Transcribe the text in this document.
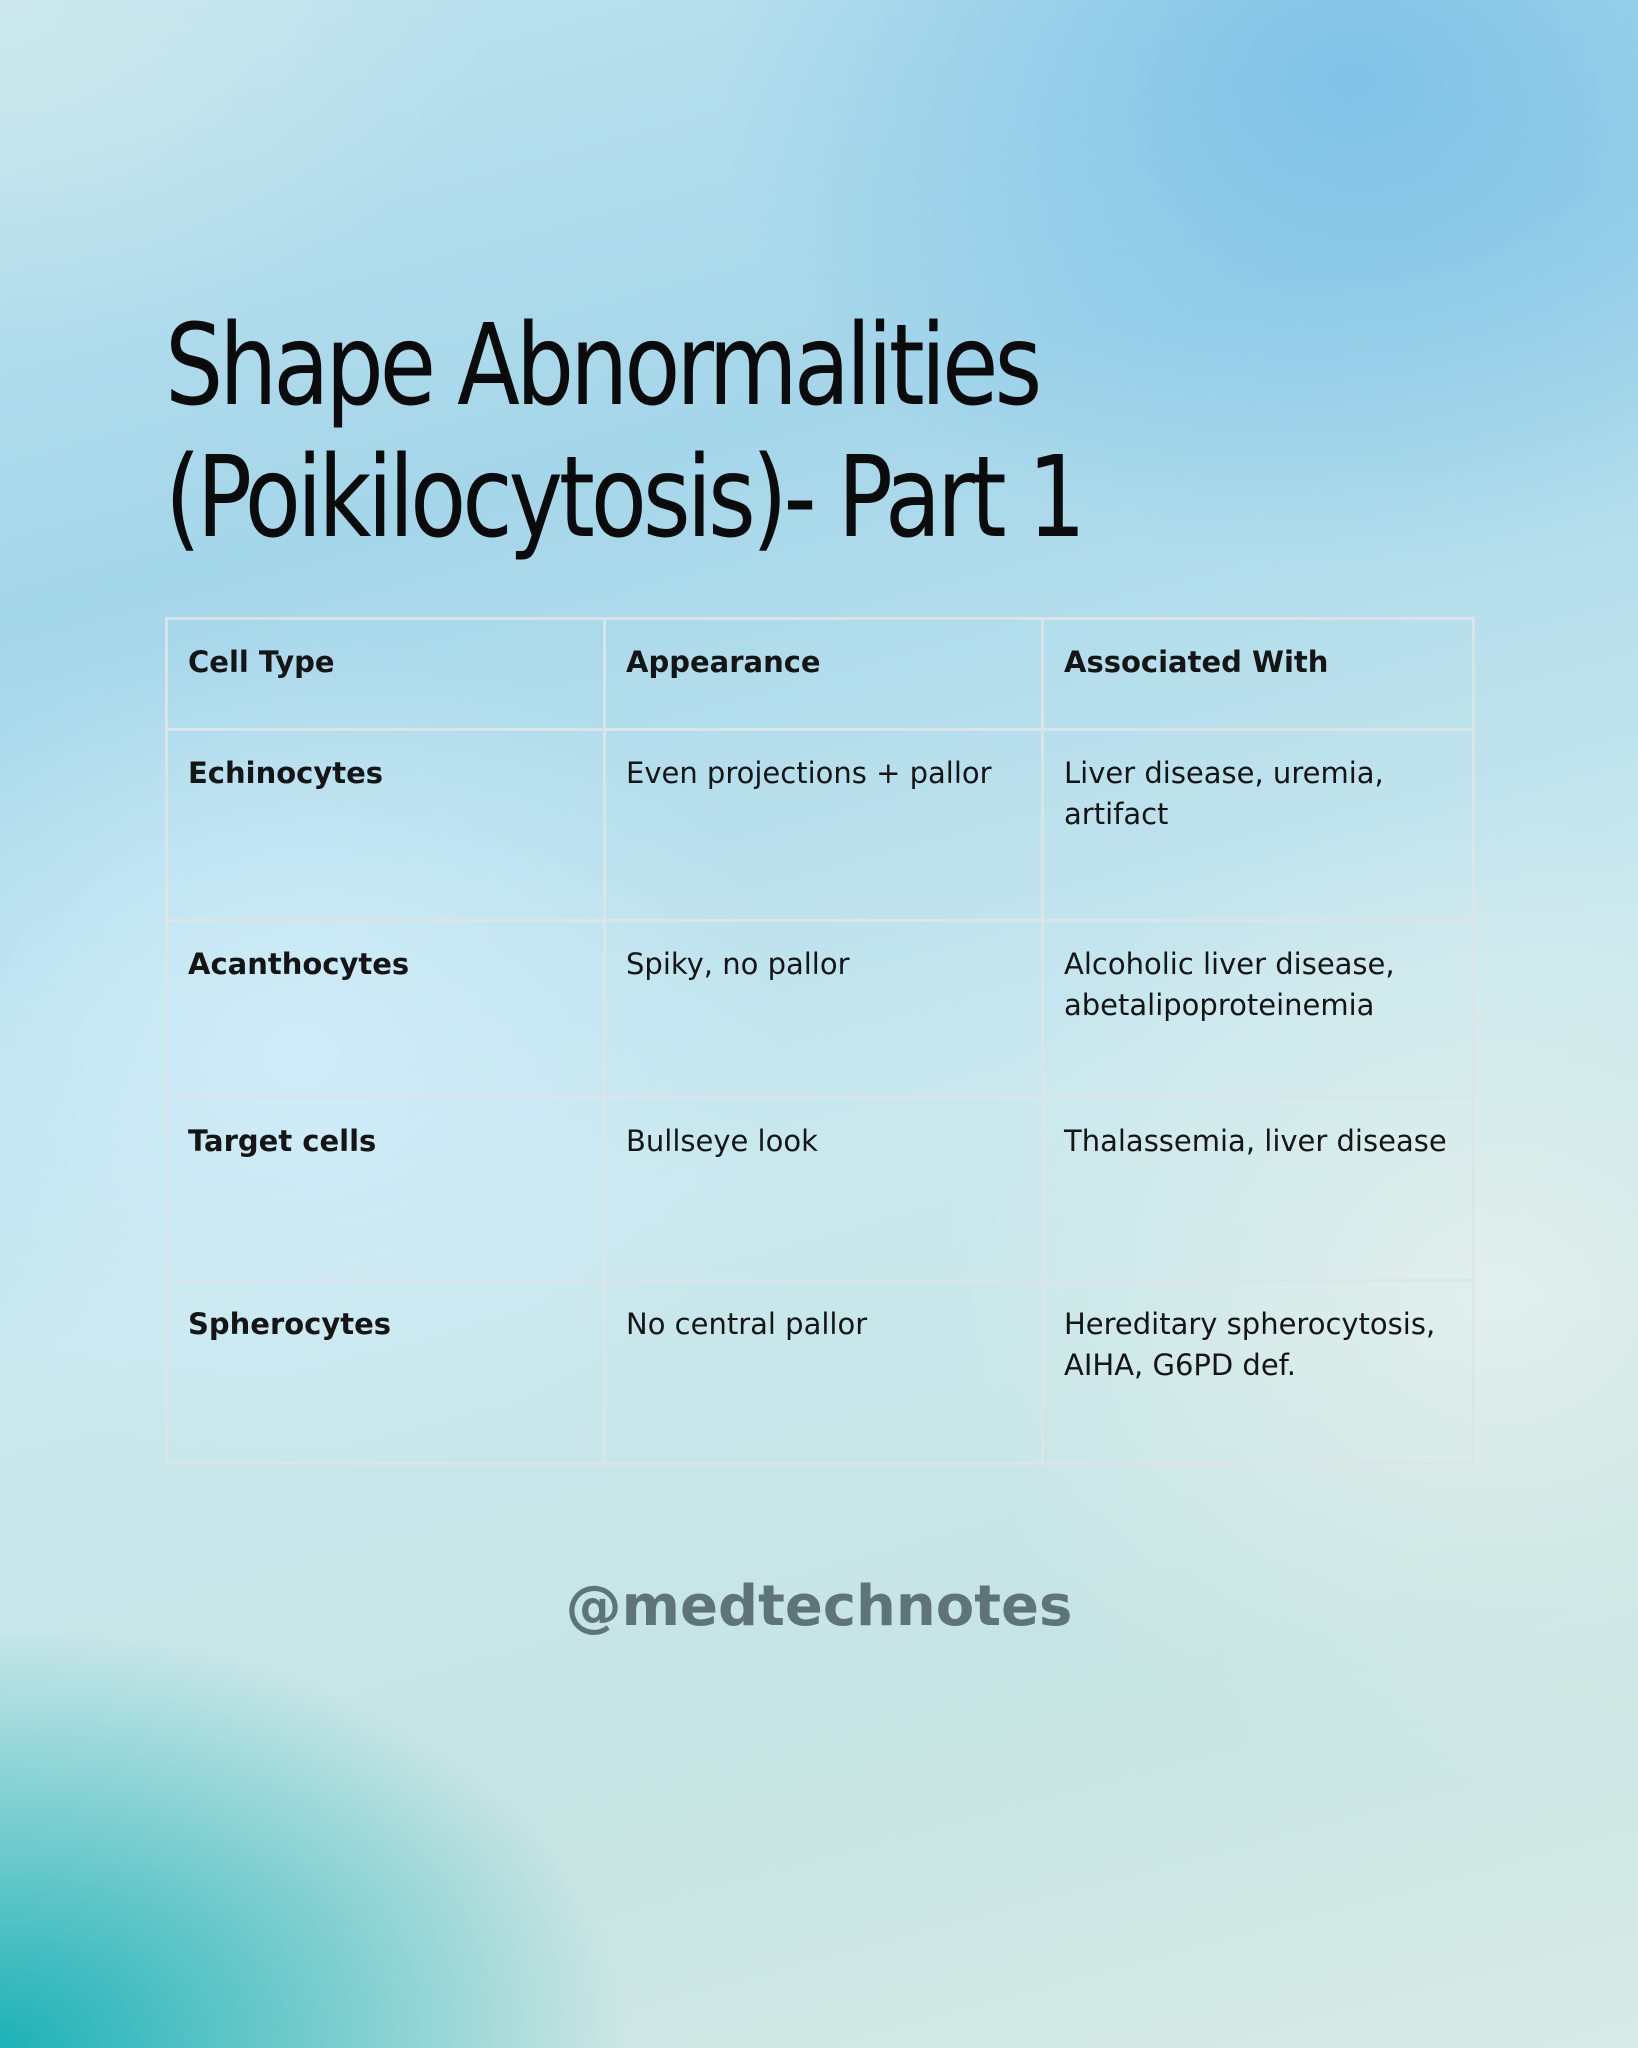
Shape Abnormalities
(Poikilocytosis)- Part 1
Cell Type	Appearance	Associated With
Echinocytes	Even projections + pallor	Liver disease, uremia, artifact
Acanthocytes	Spiky, no pallor	Alcoholic liver disease, abetalipoproteinemia
Target cells	Bullseye look	Thalassemia, liver disease
Spherocytes	No central pallor	Hereditary spherocytosis, AIHA, G6PD def.
@medtechnotes
